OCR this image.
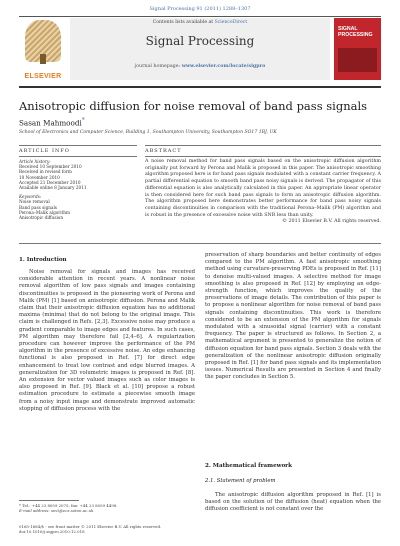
Signal Processing 91 (2011) 1288–1307
ELSEVIER
Contents lists available at ScienceDirect
Signal Processing
journal homepage: www.elsevier.com/locate/sigpro
SIGNAL
PROCESSING
Anisotropic diffusion for noise removal of band pass signals
Sasan Mahmoodi*
School of Electronics and Computer Science, Building 1, Southampton University, Southampton SO17 1BJ, UK
ARTICLE INFO	ABSTRACT
Article history:
Received 10 September 2010
Received in revised form
10 November 2010
Accepted 21 December 2010
Available online 8 January 2011
Keywords:
Noise removal
Band pass signals
Perona–Malik algorithm
Anisotropic diffusion
A noise removal method for band pass signals based on the anisotropic diffusion algorithm originally put forward by Perona and Malik is proposed in this paper. The anisotropic smoothing algorithm proposed here is for band pass signals modulated with a constant carrier frequency. A partial differential equation to smooth band pass noisy signals is derived. The propagator of this differential equation is also analytically calculated in this paper. An appropriate linear operator is then considered here for such band pass signals to form an anisotropic diffusion algorithm. The algorithm proposed here demonstrates better performance for band pass noisy signals containing discontinuities in comparison with the traditional Perona–Malik (PM) algorithm and is robust in the presence of excessive noise with SNR less than unity.
© 2011 Elsevier B.V. All rights reserved.
1. Introduction
Noise removal for signals and images has received considerable attention in recent years. A nonlinear noise removal algorithm of low pass signals and images containing discontinuities is proposed in the pioneering work of Perona and Malik (PM) [1] based on anisotropic diffusion. Perona and Malik claim that their anisotropic diffusion equation has no additional maxima (minima) that do not belong to the original image. This claim is challenged in Refs. [2,3]. Excessive noise may produce a gradient comparable to image edges and features. In such cases, PM algorithm may therefore fail [2,4–6]. A regularization procedure can however improve the performance of the PM algorithm in the presence of excessive noise. An edge enhancing functional is also proposed in Ref. [7] for direct edge enhancement to treat low contrast and edge blurred images. A generalization for 3D volumetric images is proposed in Ref. [8]. An extension for vector valued images such as color images is also proposed in Ref. [9]. Black et al. [10] propose a robust estimation procedure to estimate a piecewise smooth image from a noisy input image and demonstrate improved automatic stopping of diffusion process with the
preservation of sharp boundaries and better continuity of edges compared to the PM algorithm. A fast anisotropic smoothing method using curvature-preserving PDEs is proposed in Ref. [11] to denoise multi-valued images. A selective method for image smoothing is also proposed in Ref. [12] by employing an edge-strength function, which improves the quality of the preservations of image details. The contribution of this paper is to propose a nonlinear algorithm for noise removal of band pass signals containing discontinuities. This work is therefore considered to be an extension of the PM algorithm for signals modulated with a sinusoidal signal (carrier) with a constant frequency. The paper is structured as follows. In Section 2, a mathematical argument is presented to generalize the notion of diffusion equation for band pass signals. Section 3 deals with the generalization of the nonlinear anisotropic diffusion originally proposed in Ref. [1] for band pass signals and its implementation issues. Numerical Results are presented in Section 4 and finally the paper concludes in Section 5.
2. Mathematical framework
2.1. Statement of problem
The anisotropic diffusion algorithm proposed in Ref. [1] is based on the solution of the diffusion (heat) equation when the diffusion coefficient is not constant over the
* Tel.: +44 23 8059 2075; fax: +44 23 8059 4498.
E-mail address: sm3@ecs.soton.ac.uk
0165-1684/$ - see front matter © 2011 Elsevier B.V. All rights reserved.
doi:10.1016/j.sigpro.2010.12.018
